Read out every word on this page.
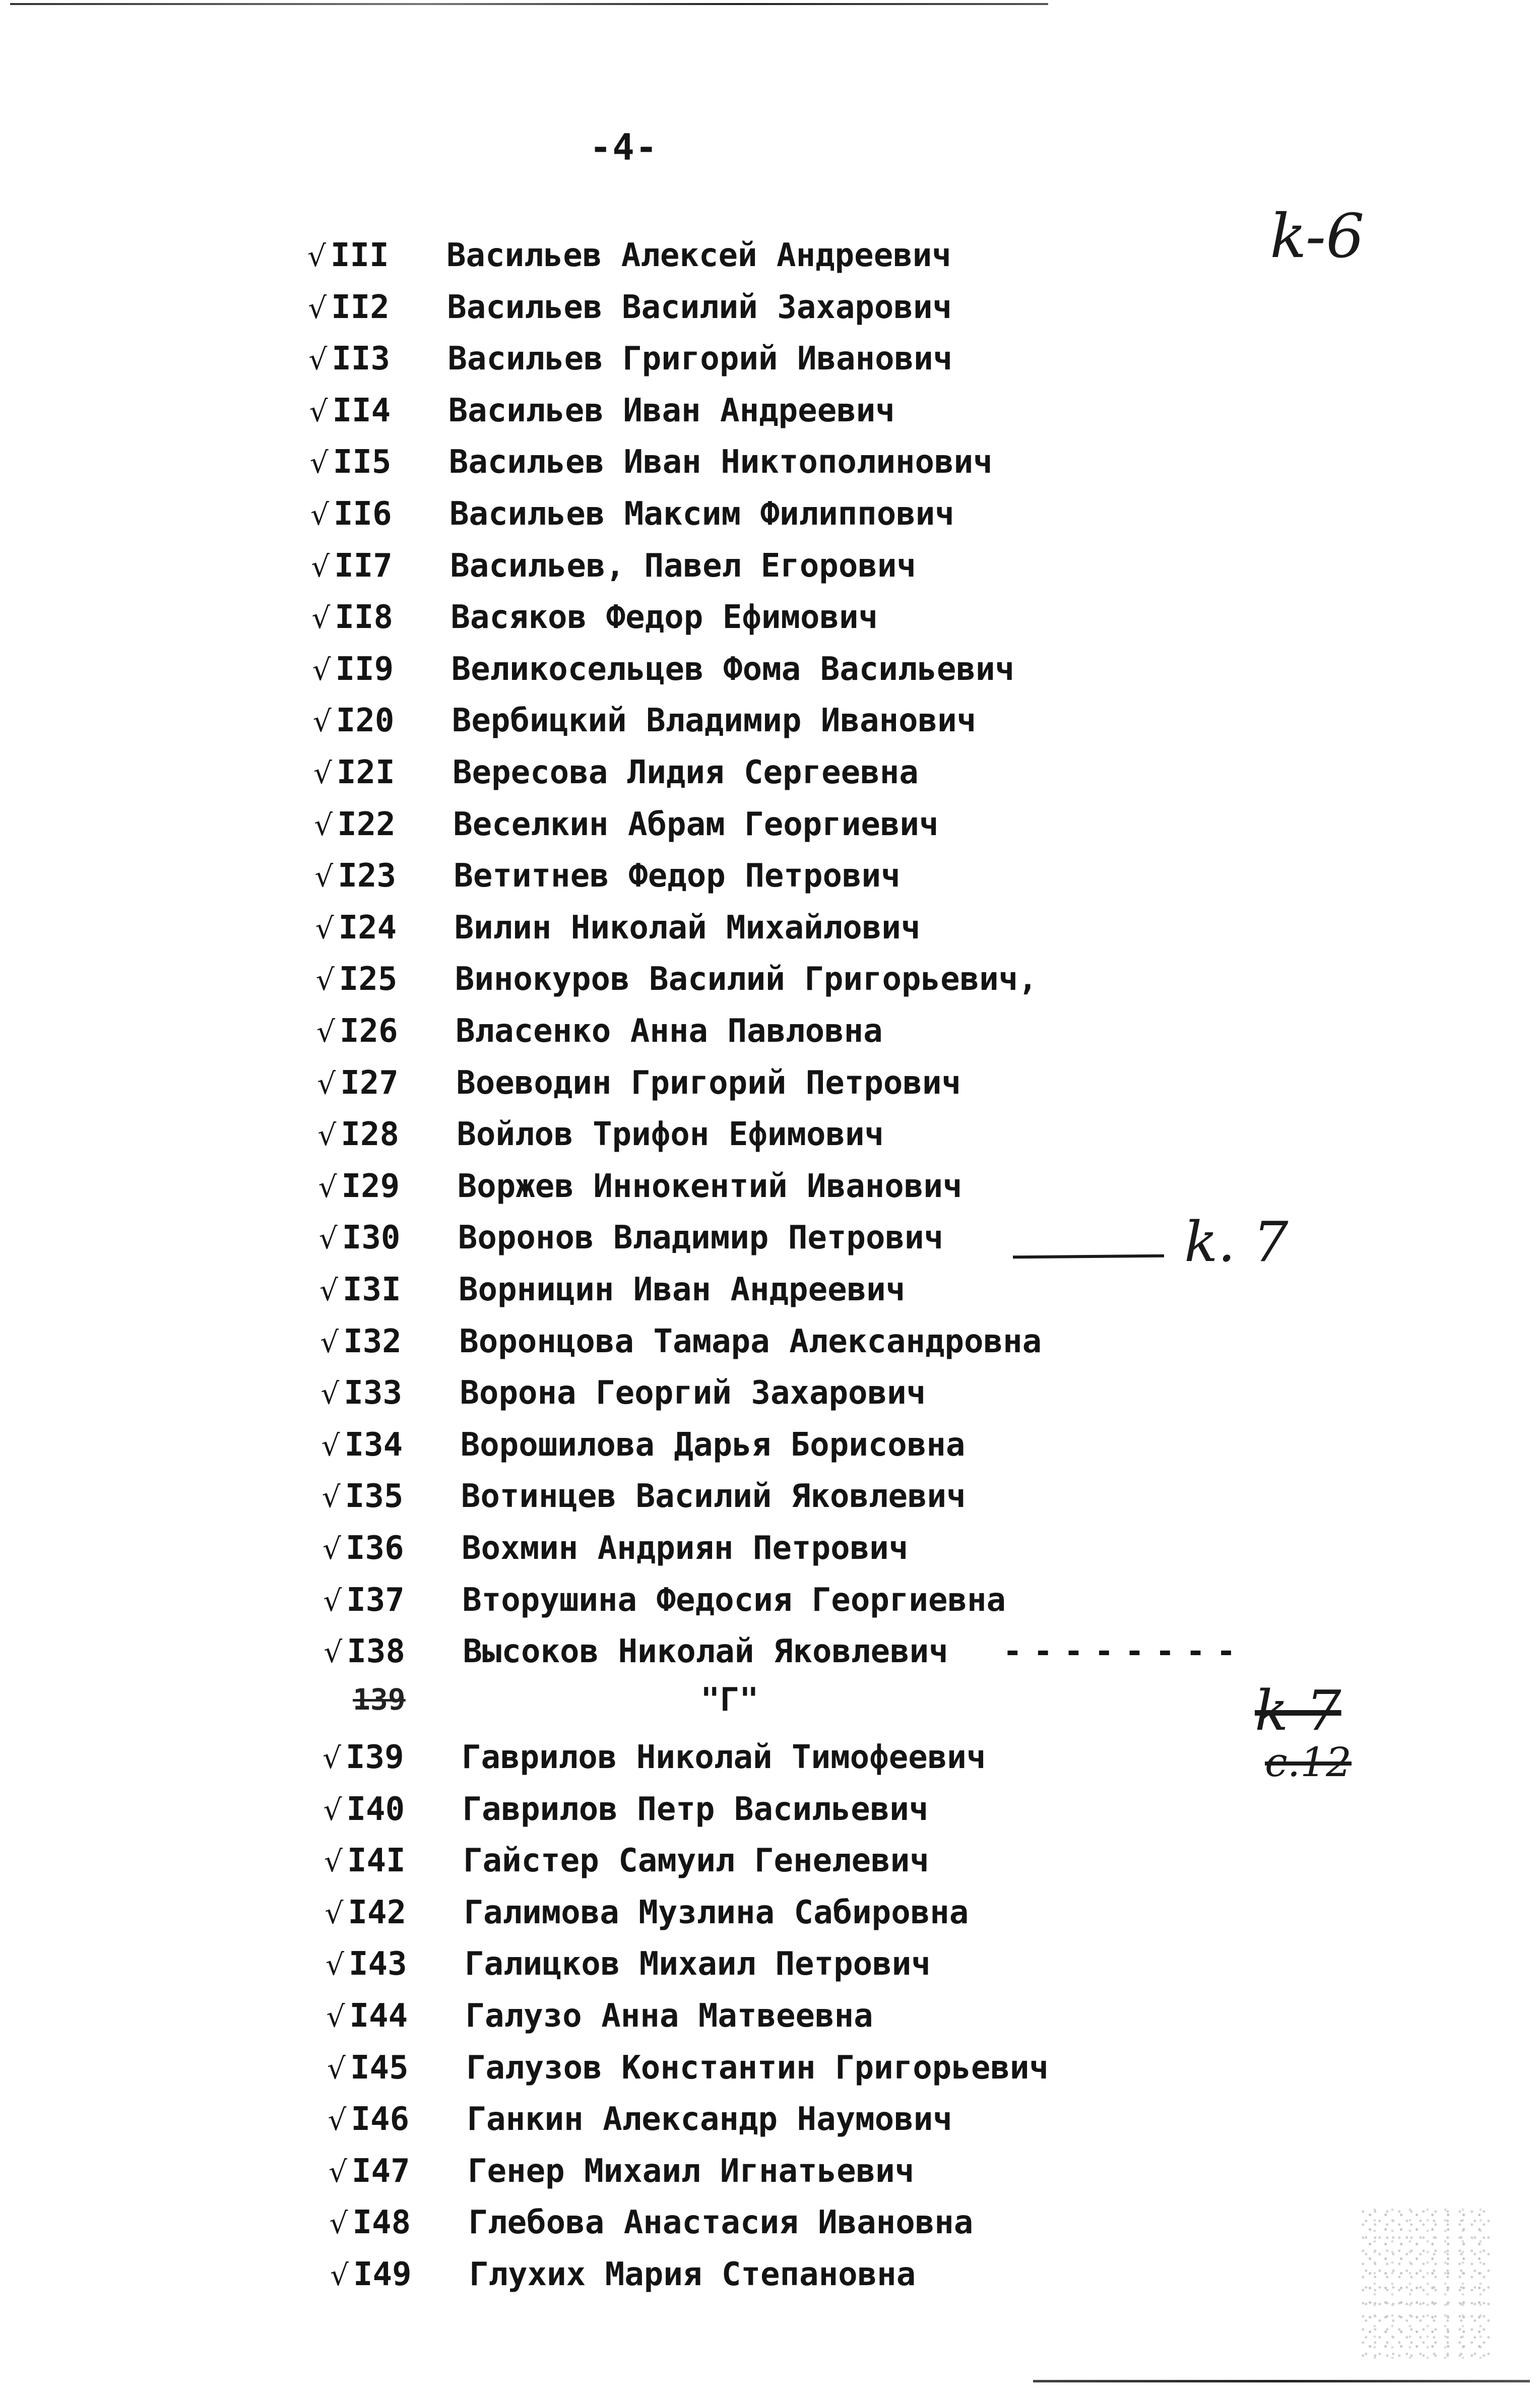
-4-
k-6
k. 7
k 7
с.12
--------
139	"Г"
√ III	Васильев Алексей Андреевич
√ II2	Васильев Василий Захарович
√ II3	Васильев Григорий Иванович
√ II4	Васильев Иван Андреевич
√ II5	Васильев Иван Никтополинович
√ II6	Васильев Максим Филиппович
√ II7	Васильев, Павел Егорович
√ II8	Васяков Федор Ефимович
√ II9	Великосельцев Фома Васильевич
√ I20	Вербицкий Владимир Иванович
√ I2I	Вересова Лидия Сергеевна
√ I22	Веселкин Абрам Георгиевич
√ I23	Ветитнев Федор Петрович
√ I24	Вилин Николай Михайлович
√ I25	Винокуров Василий Григорьевич,
√ I26	Власенко Анна Павловна
√ I27	Воеводин Григорий Петрович
√ I28	Войлов Трифон Ефимович
√ I29	Воржев Иннокентий Иванович
√ I30	Воронов Владимир Петрович
√ I3I	Ворницин Иван Андреевич
√ I32	Воронцова Тамара Александровна
√ I33	Ворона Георгий Захарович
√ I34	Ворошилова Дарья Борисовна
√ I35	Вотинцев Василий Яковлевич
√ I36	Вохмин Андриян Петрович
√ I37	Вторушина Федосия Георгиевна
√ I38	Высоков Николай Яковлевич
√ I39	Гаврилов Николай Тимофеевич
√ I40	Гаврилов Петр Васильевич
√ I4I	Гайстер Самуил Генелевич
√ I42	Галимова Музлина Сабировна
√ I43	Галицков Михаил Петрович
√ I44	Галузо Анна Матвеевна
√ I45	Галузов Константин Григорьевич
√ I46	Ганкин Александр Наумович
√ I47	Генер Михаил Игнатьевич
√ I48	Глебова Анастасия Ивановна
√ I49	Глухих Мария Степановна
